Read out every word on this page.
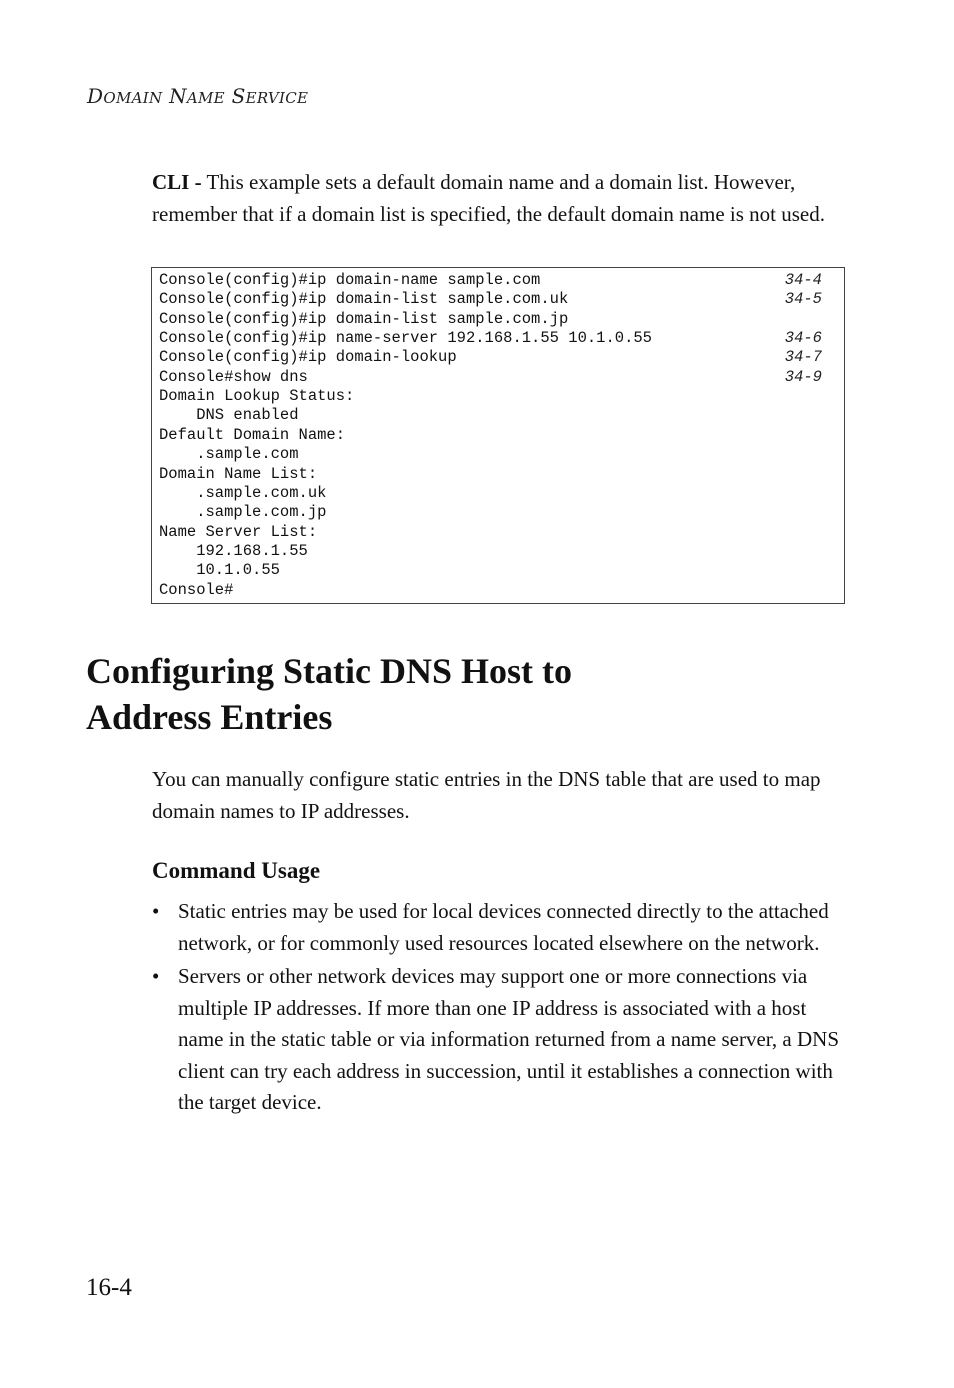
DOMAIN NAME SERVICE
CLI - This example sets a default domain name and a domain list. However, remember that if a domain list is specified, the default domain name is not used.
Console(config)#ip domain-name sample.com	34-4
Console(config)#ip domain-list sample.com.uk	34-5
Console(config)#ip domain-list sample.com.jp
Console(config)#ip name-server 192.168.1.55 10.1.0.55	34-6
Console(config)#ip domain-lookup	34-7
Console#show dns	34-9
Domain Lookup Status:
DNS enabled
Default Domain Name:
.sample.com
Domain Name List:
.sample.com.uk
.sample.com.jp
Name Server List:
192.168.1.55
10.1.0.55
Console#
Configuring Static DNS Host to
Address Entries
You can manually configure static entries in the DNS table that are used to map domain names to IP addresses.
Command Usage
• Static entries may be used for local devices connected directly to the attached network, or for commonly used resources located elsewhere on the network.
• Servers or other network devices may support one or more connections via multiple IP addresses. If more than one IP address is associated with a host name in the static table or via information returned from a name server, a DNS client can try each address in succession, until it establishes a connection with the target device.
16-4
